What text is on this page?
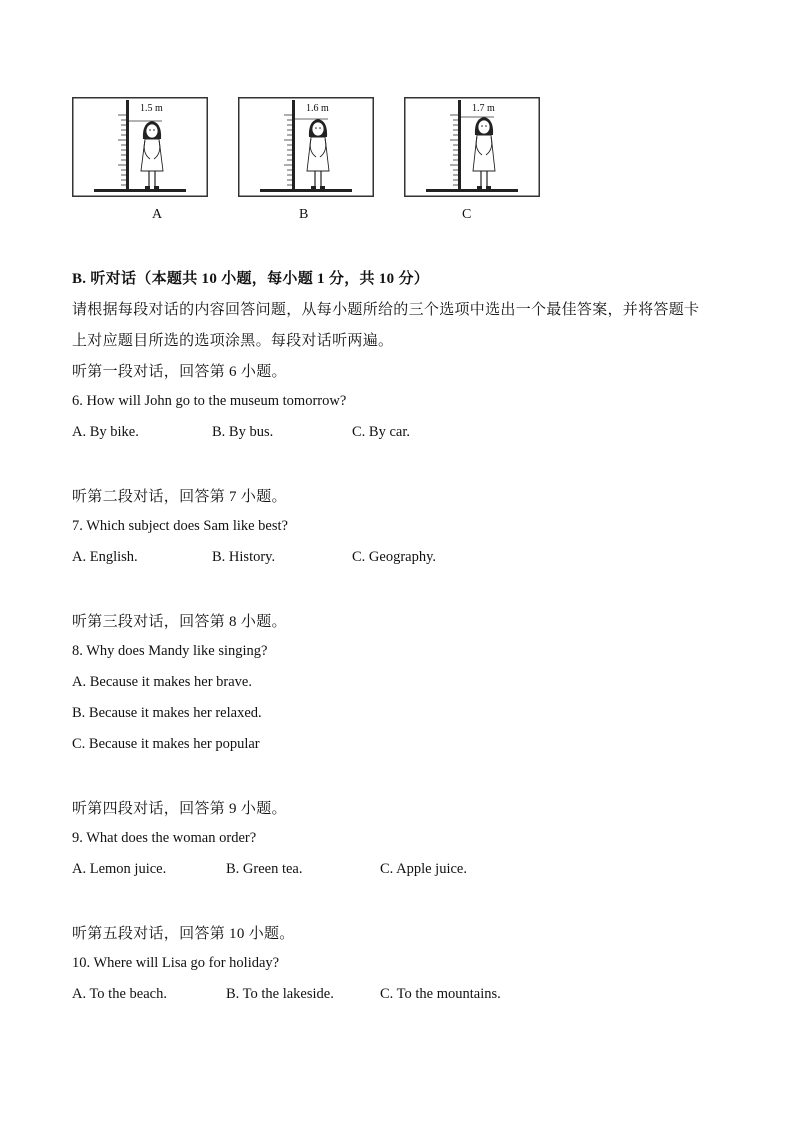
1.5 m	1.6 m	1.7 m
A	B	C
B. 听对话（本题共 10 小题，每小题 1 分，共 10 分）
请根据每段对话的内容回答问题，从每小题所给的三个选项中选出一个最佳答案，并将答题卡
上对应题目所选的选项涂黑。每段对话听两遍。
听第一段对话，回答第 6 小题。
6. How will John go to the museum tomorrow?
A. By bike.	B. By bus.	C. By car.
听第二段对话，回答第 7 小题。
7. Which subject does Sam like best?
A. English.	B. History.	C. Geography.
听第三段对话，回答第 8 小题。
8. Why does Mandy like singing?
A. Because it makes her brave.
B. Because it makes her relaxed.
C. Because it makes her popular
听第四段对话，回答第 9 小题。
9. What does the woman order?
A. Lemon juice.	B. Green tea.	C. Apple juice.
听第五段对话，回答第 10 小题。
10. Where will Lisa go for holiday?
A. To the beach.	B. To the lakeside.	C. To the mountains.
